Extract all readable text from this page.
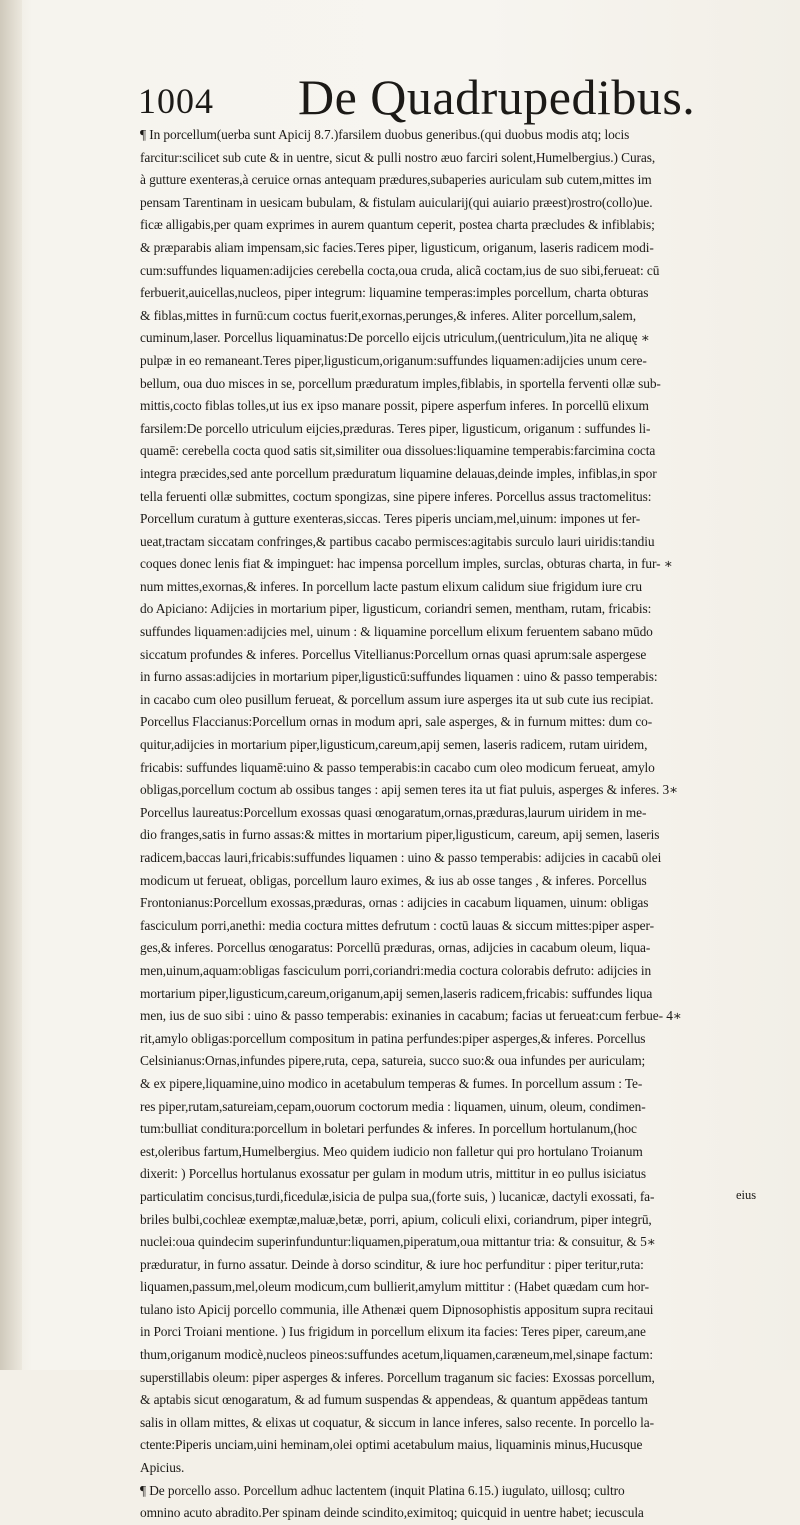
1004 De Quadrupedibus.
¶ In porcellum(uerba sunt Apicij 8.7.)farsilem duobus generibus.(qui duobus modis atq; locis
farcitur:scilicet sub cute & in uentre, sicut & pulli nostro æuo farciri solent,Humelbergius.) Curas,
à gutture exenteras,à ceruice ornas antequam prædures,subaperies auriculam sub cutem,mittes im
pensam Tarentinam in uesicam bubulam, & fistulam auicularij(qui auiario præest)rostro(collo)ue.
ficæ alligabis,per quam exprimes in aurem quantum ceperit, postea charta præcludes & infiblabis;
& præparabis aliam impensam,sic facies.Teres piper, ligusticum, origanum, laseris radicem modi-
cum:suffundes liquamen:adijcies cerebella cocta,oua cruda, alicã coctam,ius de suo sibi,ferueat: cū
ferbuerit,auicellas,nucleos, piper integrum: liquamine temperas:imples porcellum, charta obturas
& fiblas,mittes in furnū:cum coctus fuerit,exornas,perunges,& inferes. Aliter porcellum,salem,
cuminum,laser. Porcellus liquaminatus:De porcello eijcis utriculum,(uentriculum,)ita ne aliquę ∗
pulpæ in eo remaneant.Teres piper,ligusticum,origanum:suffundes liquamen:adijcies unum cere-
bellum, oua duo misces in se, porcellum præduratum imples,fiblabis, in sportella ferventi ollæ sub-
mittis,cocto fiblas tolles,ut ius ex ipso manare possit, pipere asperfum inferes. In porcellū elixum
farsilem:De porcello utriculum eijcies,præduras. Teres piper, ligusticum, origanum : suffundes li-
quamē: cerebella cocta quod satis sit,similiter oua dissolues:liquamine temperabis:farcimina cocta
integra præcides,sed ante porcellum præduratum liquamine delauas,deinde imples, infiblas,in spor
tella feruenti ollæ submittes, coctum spongizas, sine pipere inferes. Porcellus assus tractomelitus:
Porcellum curatum à gutture exenteras,siccas. Teres piperis unciam,mel,uinum: impones ut fer-
ueat,tractam siccatam confringes,& partibus cacabo permisces:agitabis surculo lauri uiridis:tandiu
coques donec lenis fiat & impinguet: hac impensa porcellum imples, surclas, obturas charta, in fur- ∗
num mittes,exornas,& inferes. In porcellum lacte pastum elixum calidum siue frigidum iure cru
do Apiciano: Adijcies in mortarium piper, ligusticum, coriandri semen, mentham, rutam, fricabis:
suffundes liquamen:adijcies mel, uinum : & liquamine porcellum elixum feruentem sabano mūdo
siccatum profundes & inferes. Porcellus Vitellianus:Porcellum ornas quasi aprum:sale aspergese
in furno assas:adijcies in mortarium piper,ligusticū:suffundes liquamen : uino & passo temperabis:
in cacabo cum oleo pusillum ferueat, & porcellum assum iure asperges ita ut sub cute ius recipiat.
Porcellus Flaccianus:Porcellum ornas in modum apri, sale asperges, & in furnum mittes: dum co-
quitur,adijcies in mortarium piper,ligusticum,careum,apij semen, laseris radicem, rutam uiridem,
fricabis: suffundes liquamē:uino & passo temperabis:in cacabo cum oleo modicum ferueat, amylo
obligas,porcellum coctum ab ossibus tanges : apij semen teres ita ut fiat puluis, asperges & inferes. 3∗
Porcellus laureatus:Porcellum exossas quasi œnogaratum,ornas,præduras,laurum uiridem in me-
dio franges,satis in furno assas:& mittes in mortarium piper,ligusticum, careum, apij semen, laseris
radicem,baccas lauri,fricabis:suffundes liquamen : uino & passo temperabis: adijcies in cacabū olei
modicum ut ferueat, obligas, porcellum lauro eximes, & ius ab osse tanges , & inferes. Porcellus
Frontonianus:Porcellum exossas,præduras, ornas : adijcies in cacabum liquamen, uinum: obligas
fasciculum porri,anethi: media coctura mittes defrutum : coctū lauas & siccum mittes:piper asper-
ges,& inferes. Porcellus œnogaratus: Porcellū præduras, ornas, adijcies in cacabum oleum, liqua-
men,uinum,aquam:obligas fasciculum porri,coriandri:media coctura colorabis defruto: adijcies in
mortarium piper,ligusticum,careum,origanum,apij semen,laseris radicem,fricabis: suffundes liqua
men, ius de suo sibi : uino & passo temperabis: exinanies in cacabum; facias ut ferueat:cum ferbue- 4∗
rit,amylo obligas:porcellum compositum in patina perfundes:piper asperges,& inferes. Porcellus
Celsinianus:Ornas,infundes pipere,ruta, cepa, satureia, succo suo:& oua infundes per auriculam;
& ex pipere,liquamine,uino modico in acetabulum temperas & fumes. In porcellum assum : Te-
res piper,rutam,satureiam,cepam,ouorum coctorum media : liquamen, uinum, oleum, condimen-
tum:bulliat conditura:porcellum in boletari perfundes & inferes. In porcellum hortulanum,(hoc
est,oleribus fartum,Humelbergius. Meo quidem iudicio non falletur qui pro hortulano Troianum
dixerit: ) Porcellus hortulanus exossatur per gulam in modum utris, mittitur in eo pullus isiciatus
particulatim concisus,turdi,ficedulæ,isicia de pulpa sua,(forte suis, ) lucanicæ, dactyli exossati, fa-
briles bulbi,cochleæ exemptæ,maluæ,betæ, porri, apium, coliculi elixi, coriandrum, piper integrū,
nuclei:oua quindecim superinfunduntur:liquamen,piperatum,oua mittantur tria: & consuitur, & 5∗
præduratur, in furno assatur. Deinde à dorso scinditur, & iure hoc perfunditur : piper teritur,ruta:
liquamen,passum,mel,oleum modicum,cum bullierit,amylum mittitur : (Habet quædam cum hor-
tulano isto Apicij porcello communia, ille Athenæi quem Dipnosophistis appositum supra recitaui
in Porci Troiani mentione. ) Ius frigidum in porcellum elixum ita facies: Teres piper, careum,ane
thum,origanum modicè,nucleos pineos:suffundes acetum,liquamen,caræneum,mel,sinape factum:
superstillabis oleum: piper asperges & inferes. Porcellum traganum sic facies: Exossas porcellum,
& aptabis sicut œnogaratum, & ad fumum suspendas & appendeas, & quantum appēdeas tantum
salis in ollam mittes, & elixas ut coquatur, & siccum in lance inferes, salso recente. In porcello la-
ctente:Piperis unciam,uini heminam,olei optimi acetabulum maius, liquaminis minus,Hucusque
Apicius.
¶ De porcello asso. Porcellum adhuc lactentem (inquit Platina 6.15.) iugulato, uillosq; cultro
omnino acuto abradito.Per spinam deinde scindito,eximitoq; quicquid in uentre habet; iecuscula
eius
